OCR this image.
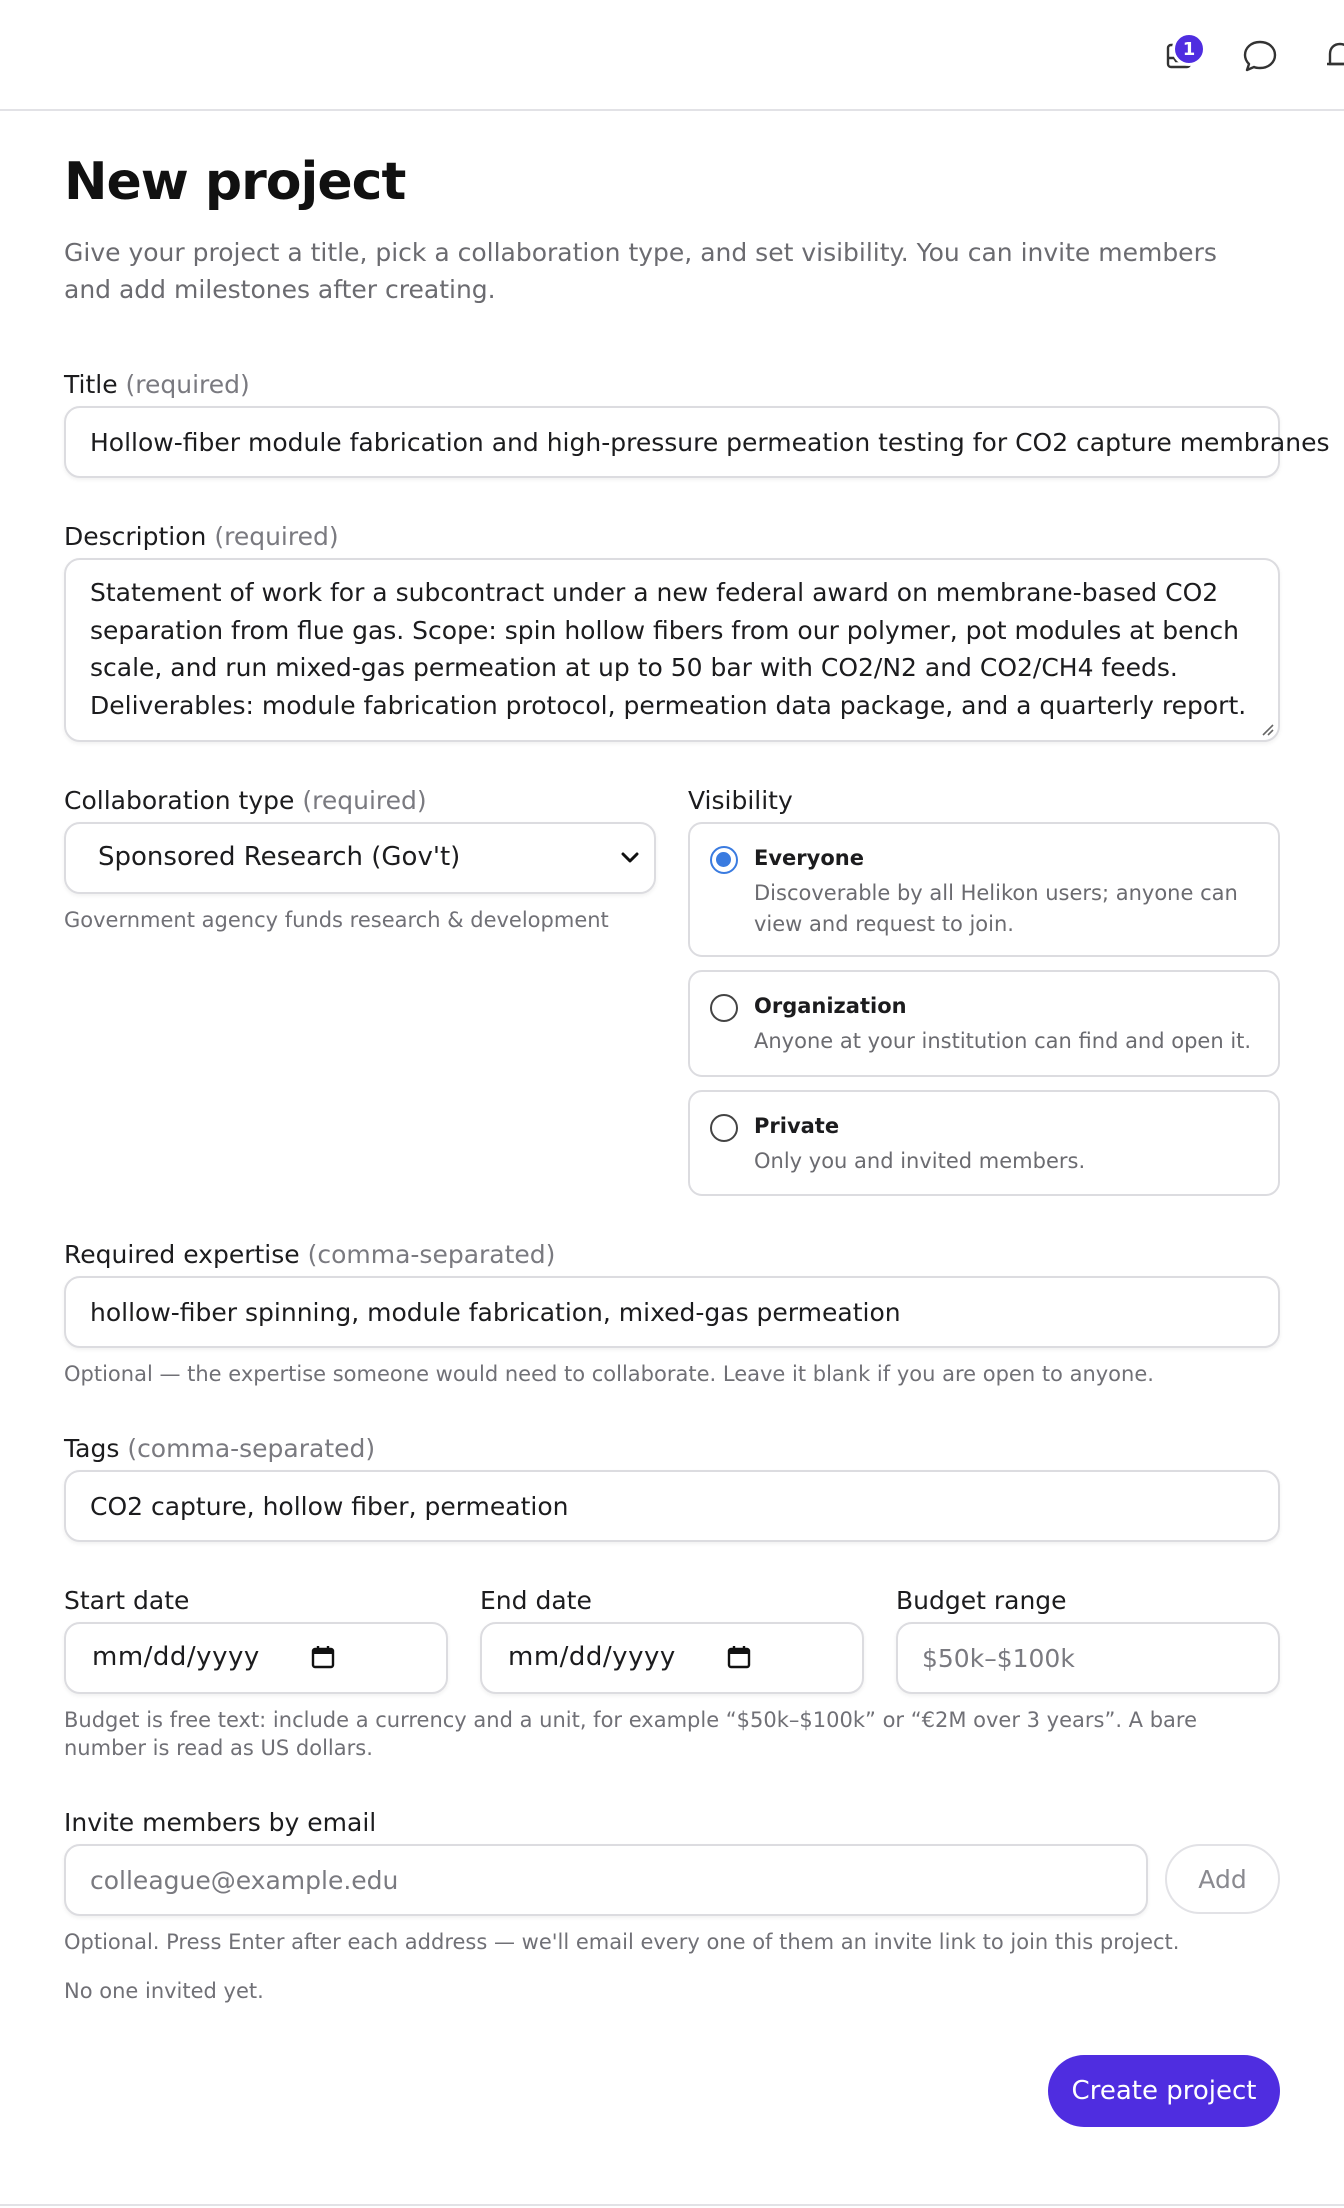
1
New project

Give your project a title, pick a collaboration type, and set visibility. You can invite members and add milestones after creating.

Title (required)
Hollow-fiber module fabrication and high-pressure permeation testing for CO2 capture membranes
Description (required)
Statement of work for a subcontract under a new federal award on membrane-based CO2 separation from flue gas. Scope: spin hollow fibers from our polymer, pot modules at bench scale, and run mixed-gas permeation at up to 50 bar with CO2/N2 and CO2/CH4 feeds. Deliverables: module fabrication protocol, permeation data package, and a quarterly report.
Collaboration type (required)
Sponsored Research (Gov't)
Government agency funds research & development
Visibility
Everyone
Discoverable by all Helikon users; anyone can view and request to join.
Organization
Anyone at your institution can find and open it.
Private
Only you and invited members.
Required expertise (comma-separated)
hollow-fiber spinning, module fabrication, mixed-gas permeation
Optional — the expertise someone would need to collaborate. Leave it blank if you are open to anyone.
Tags (comma-separated)
CO2 capture, hollow fiber, permeation
Start date
mm/dd/yyyy
End date
mm/dd/yyyy
Budget range
$50k–$100k
Budget is free text: include a currency and a unit, for example “$50k–$100k” or “€2M over 3 years”. A bare number is read as US dollars.
Invite members by email
colleague@example.edu	Add
Optional. Press Enter after each address — we'll email every one of them an invite link to join this project.
No one invited yet.
Create project
